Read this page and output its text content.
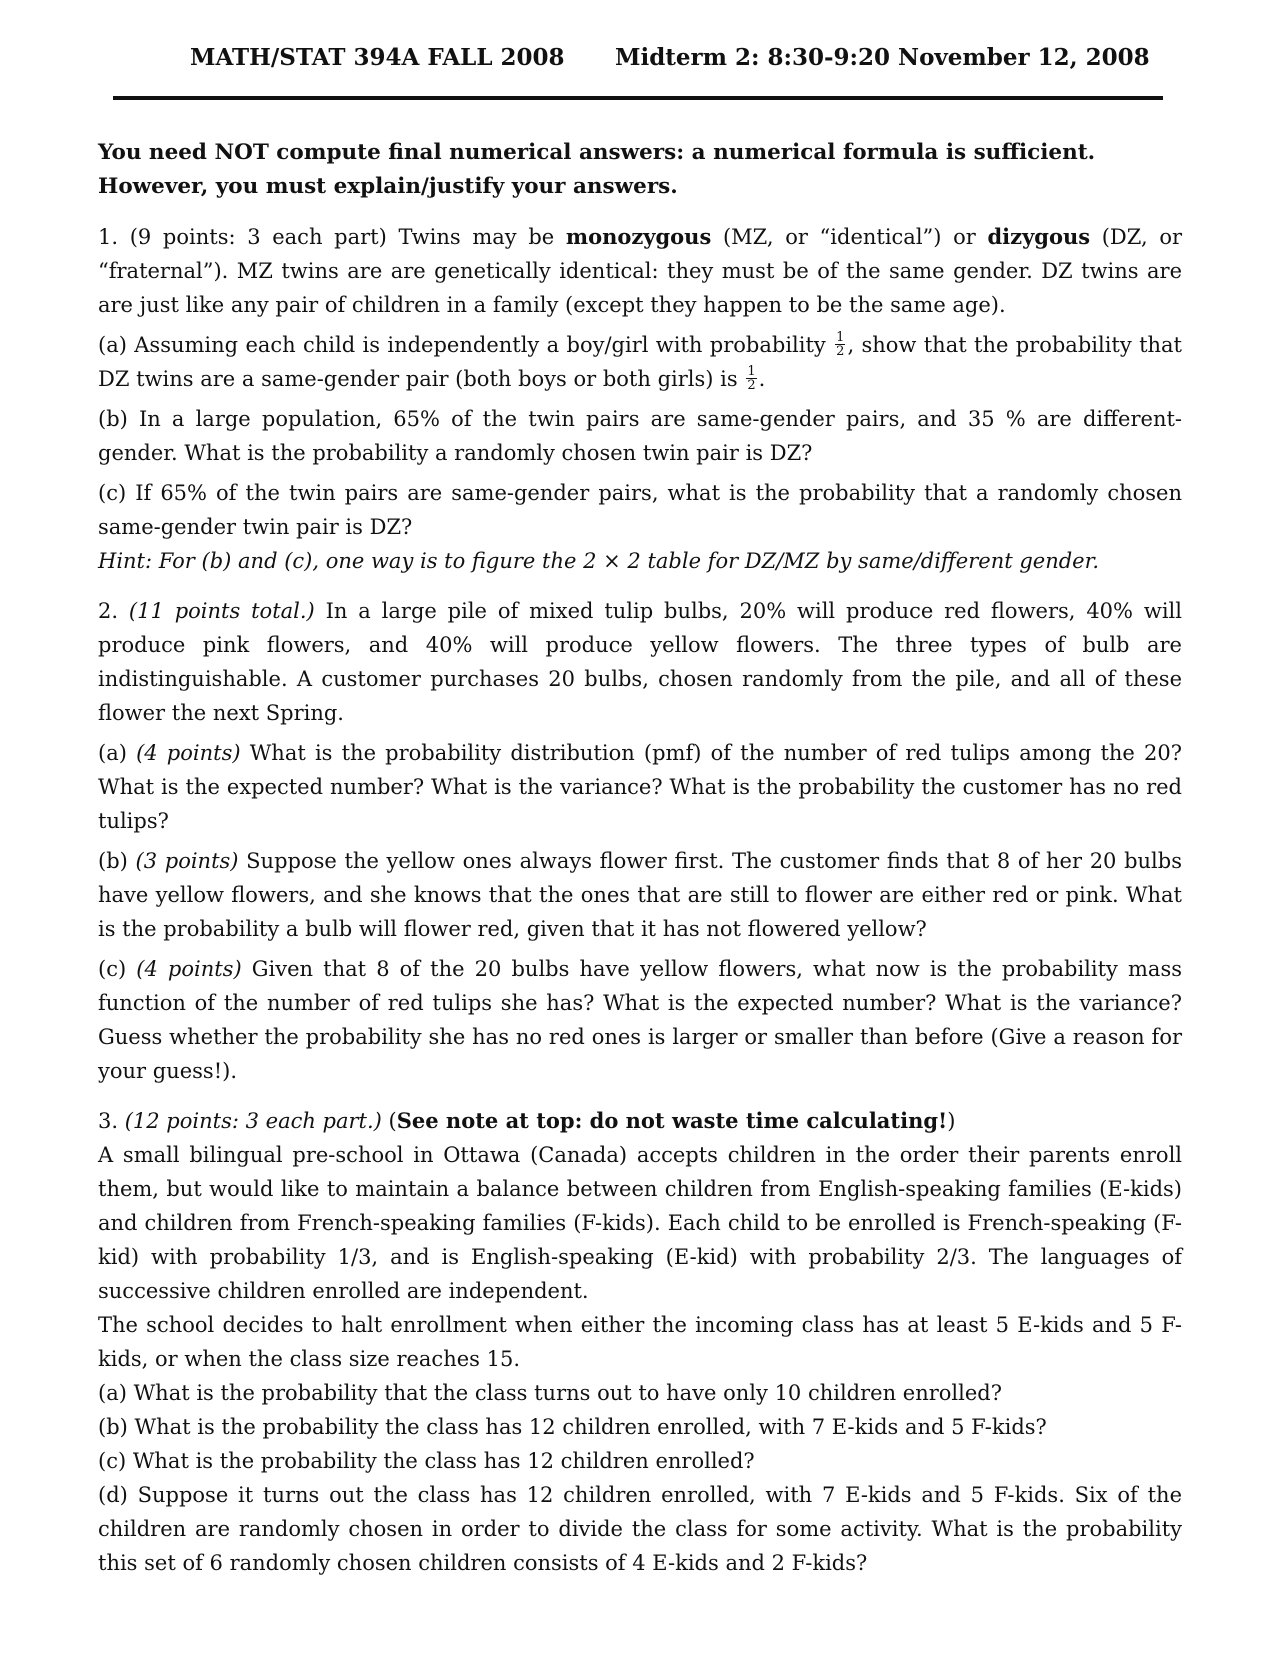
MATH/STAT 394A FALL 2008 Midterm 2: 8:30-9:20 November 12, 2008
You need NOT compute final numerical answers: a numerical formula is sufficient.
However, you must explain/justify your answers.

1. (9 points: 3 each part) Twins may be monozygous (MZ, or “identical”) or dizygous (DZ, or “fraternal”). MZ twins are are genetically identical: they must be of the same gender. DZ twins are are just like any pair of children in a family (except they happen to be the same age).

(a) Assuming each child is independently a boy/girl with probability $\frac{1}{2}$ , show that the probability that DZ twins are a same-gender pair (both boys or both girls) is $\frac{1}{2}$ .

(b) In a large population, 65% of the twin pairs are same-gender pairs, and 35 % are different-gender. What is the probability a randomly chosen twin pair is DZ?

(c) If 65% of the twin pairs are same-gender pairs, what is the probability that a randomly chosen same-gender twin pair is DZ?

Hint: For (b) and (c), one way is to figure the 2 × 2 table for DZ/MZ by same/different gender.

2. (11 points total.) In a large pile of mixed tulip bulbs, 20% will produce red flowers, 40% will produce pink flowers, and 40% will produce yellow flowers. The three types of bulb are indistinguishable. A customer purchases 20 bulbs, chosen randomly from the pile, and all of these flower the next Spring.

(a) (4 points) What is the probability distribution (pmf) of the number of red tulips among the 20? What is the expected number? What is the variance? What is the probability the customer has no red tulips?

(b) (3 points) Suppose the yellow ones always flower first. The customer finds that 8 of her 20 bulbs have yellow flowers, and she knows that the ones that are still to flower are either red or pink. What is the probability a bulb will flower red, given that it has not flowered yellow?

(c) (4 points) Given that 8 of the 20 bulbs have yellow flowers, what now is the probability mass function of the number of red tulips she has? What is the expected number? What is the variance? Guess whether the probability she has no red ones is larger or smaller than before (Give a reason for your guess!).

3. (12 points: 3 each part.) (See note at top: do not waste time calculating!)

A small bilingual pre-school in Ottawa (Canada) accepts children in the order their parents enroll them, but would like to maintain a balance between children from English-speaking families (E-kids) and children from French-speaking families (F-kids). Each child to be enrolled is French-speaking (F-kid) with probability 1/3, and is English-speaking (E-kid) with probability 2/3. The languages of successive children enrolled are independent.

The school decides to halt enrollment when either the incoming class has at least 5 E-kids and 5 F-kids, or when the class size reaches 15.

(a) What is the probability that the class turns out to have only 10 children enrolled?

(b) What is the probability the class has 12 children enrolled, with 7 E-kids and 5 F-kids?

(c) What is the probability the class has 12 children enrolled?

(d) Suppose it turns out the class has 12 children enrolled, with 7 E-kids and 5 F-kids. Six of the children are randomly chosen in order to divide the class for some activity. What is the probability this set of 6 randomly chosen children consists of 4 E-kids and 2 F-kids?
